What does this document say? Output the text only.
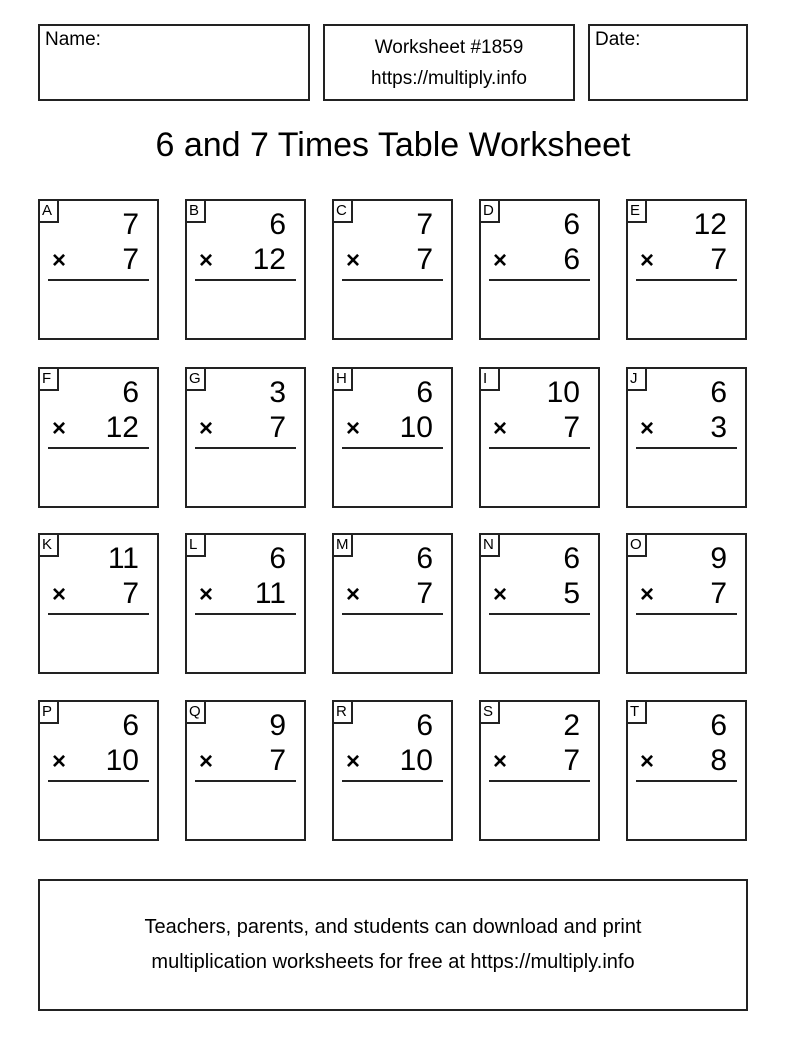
Name:	Worksheet #1859
https://multiply.info
Date:
6 and 7 Times Table Worksheet
A 7
× 7
B 6
× 12
C 7
× 7
D 6
× 6
E 12
× 7
F 6
× 12
G 3
× 7
H 6
× 10
I	10
× 7
J	6
× 3
K 11
× 7
L 6
× 11
M 6
× 7
N 6
× 5
O 9
× 7
P 6
× 10
Q 9
× 7
R 6
× 10
S 2
× 7
T 6
× 8
Teachers, parents, and students can download and print
multiplication worksheets for free at https://multiply.info
